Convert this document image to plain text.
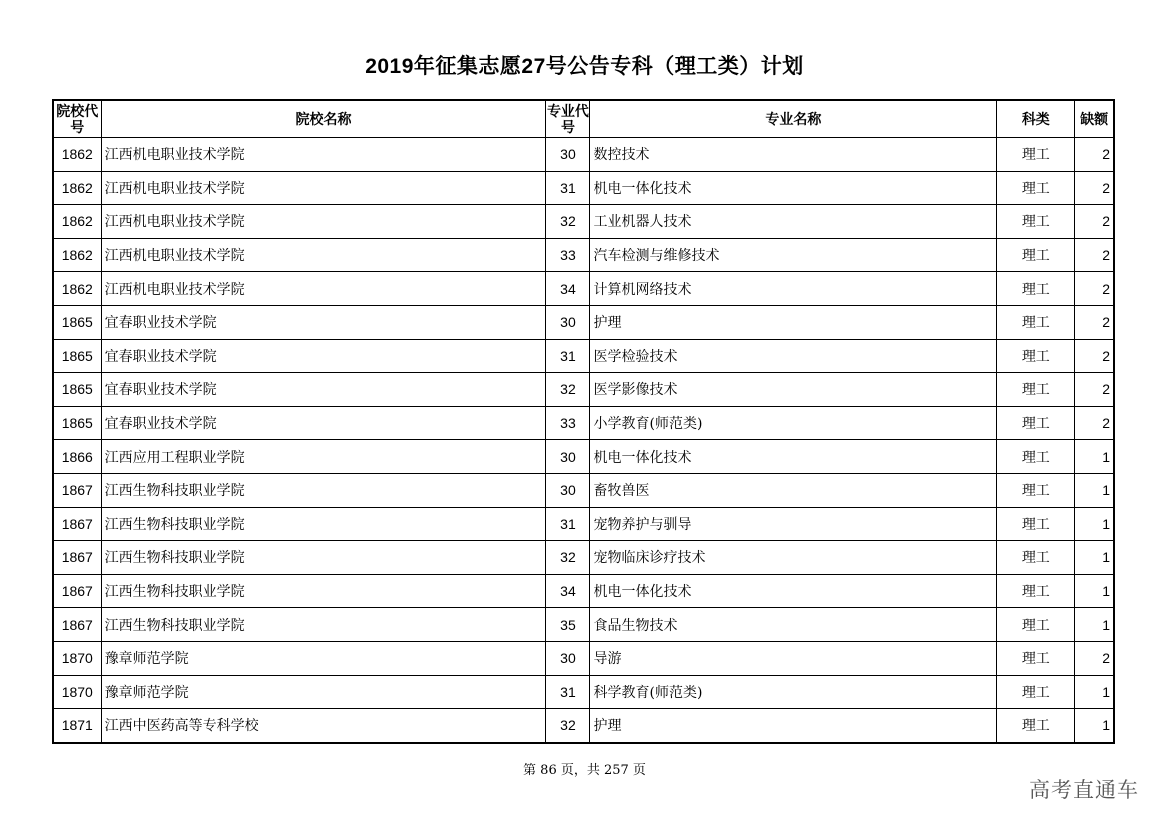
2019年征集志愿27号公告专科（理工类）计划
院校代号	院校名称	专业代号	专业名称	科类	缺额
1862	江西机电职业技术学院	30	数控技术	理工	2
1862	江西机电职业技术学院	31	机电一体化技术	理工	2
1862	江西机电职业技术学院	32	工业机器人技术	理工	2
1862	江西机电职业技术学院	33	汽车检测与维修技术	理工	2
1862	江西机电职业技术学院	34	计算机网络技术	理工	2
1865	宜春职业技术学院	30	护理	理工	2
1865	宜春职业技术学院	31	医学检验技术	理工	2
1865	宜春职业技术学院	32	医学影像技术	理工	2
1865	宜春职业技术学院	33	小学教育(师范类)	理工	2
1866	江西应用工程职业学院	30	机电一体化技术	理工	1
1867	江西生物科技职业学院	30	畜牧兽医	理工	1
1867	江西生物科技职业学院	31	宠物养护与驯导	理工	1
1867	江西生物科技职业学院	32	宠物临床诊疗技术	理工	1
1867	江西生物科技职业学院	34	机电一体化技术	理工	1
1867	江西生物科技职业学院	35	食品生物技术	理工	1
1870	豫章师范学院	30	导游	理工	2
1870	豫章师范学院	31	科学教育(师范类)	理工	1
1871	江西中医药高等专科学校	32	护理	理工	1
第 86 页，共 257 页
高考直通车
